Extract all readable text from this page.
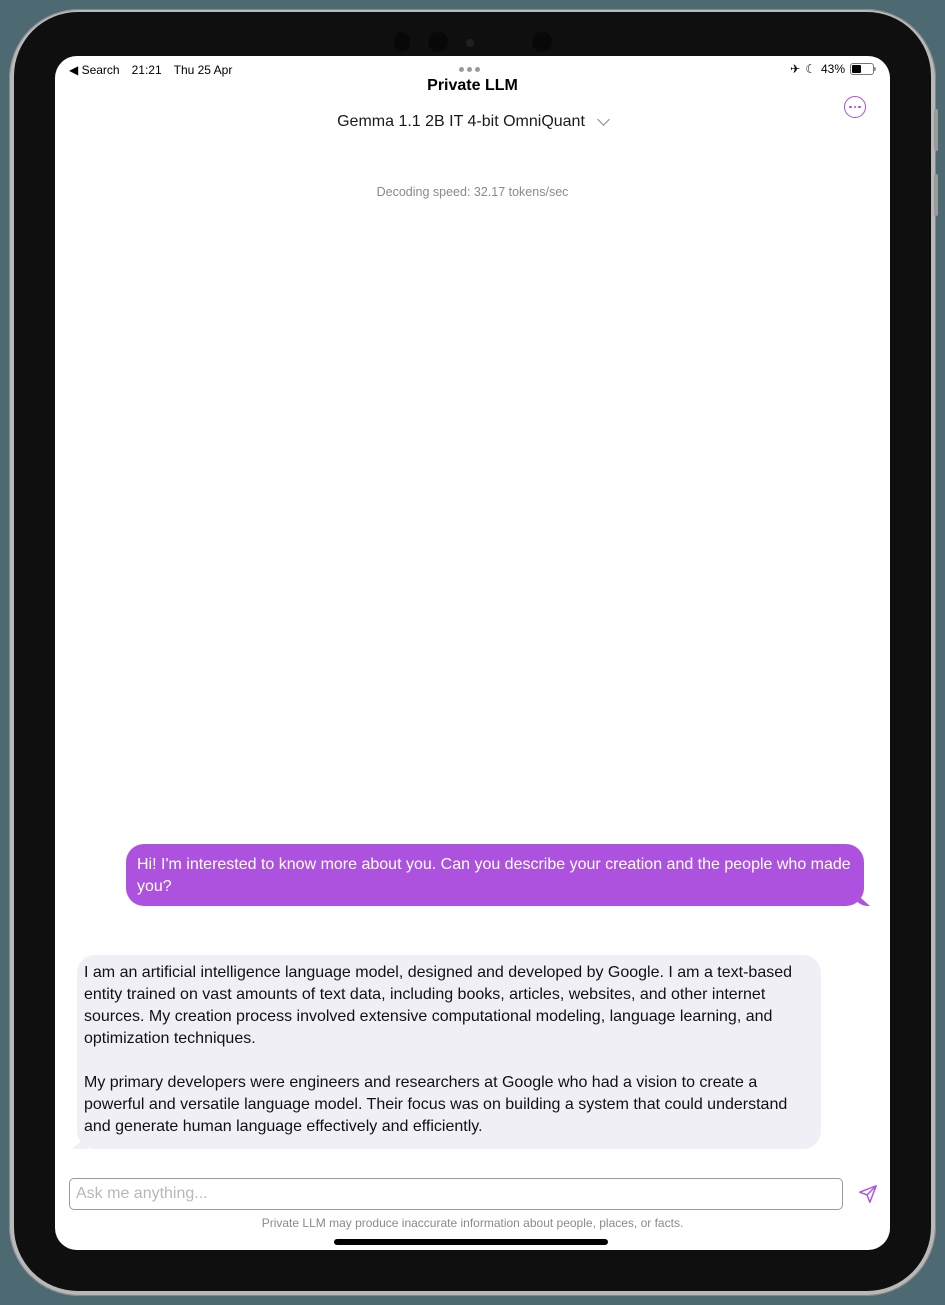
◀ Search 21:21 Thu 25 Apr	✈ ☾ 43%
Private LLM
Gemma 1.1 2B IT 4-bit OmniQuant
Decoding speed: 32.17 tokens/sec
Hi! I'm interested to know more about you. Can you describe your creation and the people who made you?

I am an artificial intelligence language model, designed and developed by Google. I am a text-based entity trained on vast amounts of text data, including books, articles, websites, and other internet sources. My creation process involved extensive computational modeling, language learning, and optimization techniques.

My primary developers were engineers and researchers at Google who had a vision to create a powerful and versatile language model. Their focus was on building a system that could understand and generate human language effectively and efficiently.

Ask me anything...
Private LLM may produce inaccurate information about people, places, or facts.
